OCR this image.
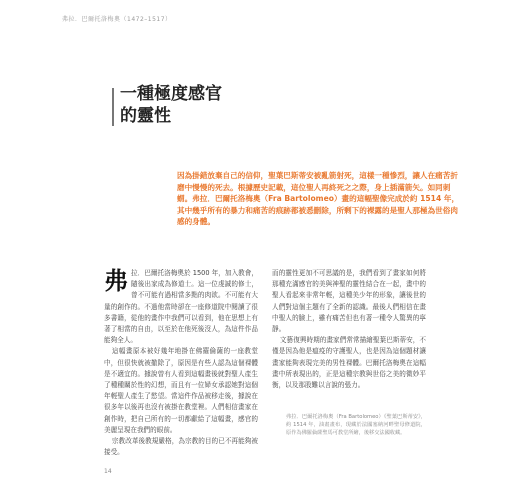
弗拉．巴爾托洛梅奧（1472–1517）
一種極度感官
的靈性
因為掛錯放棄自己的信仰，聖葉巴斯蒂安被亂箭射死，這樣一種慘烈，讓人在痛苦折磨中慢慢的死去。根據歷史記載，這位聖人再終死之之際，身上插滿箭矢。如同刺蝟。弗拉．巴爾托洛梅奧（Fra Bartolomeo）畫的這幅聖像完成於約 1514 年，其中幾乎所有的暴力和痛苦的痕跡都被悉刪除，所剩下的裸露的是聖人那極為世俗肉感的身體。
弗 拉．巴爾托洛梅奧於 1500 年，加入教會，隨後出家成為修道士。這一位虔誠的修士，曾不可能有過相當多點的肉欲。不可能有大量的創作的。不過他當時卻在一座修道院中閱讀了很多書籍，從他的畫作中我們可以看到，他在思想上有著了相當的自由，以至於在他死後沒人，為這件作品能夠全人。

這幅畫原本被好幾年地掛在佛羅倫薩的一座教堂中，但很快就被撤除了，原因是有些人認為這個裸體是不適宜的。據說曾有人看到這幅畫後就對聖人產生了種種關於性的幻想，而且有一位婦女承認她對這個年輕聖人產生了慾望。當這件作品被移走後，據說在很多年以後再也沒有被掛在教堂裡。人們相信畫家在創作時，把自己所有的一切都獻給了這幅畫，感官的美麗呈現在我們的眼前。

宗教改革後教規嚴格，為宗教的目的已不再能夠被接受。

而的靈性更加不可思議的是，我們看到了畫家如何將那種充滿感官的美與神聖的靈性結合在一起，畫中的聖人看起來非常年輕，這種美少年的形象，讓後世的人們對這個主題有了全新的認識。最後人們相信在畫中聖人的臉上，雖有痛苦但也有著一種令人驚異的寧靜。

文藝復興時期的畫家們常常描繪聖葉巴斯蒂安，不僅是因為他是瘟疫的守護聖人，也是因為這個題材讓畫家能夠表現完美的男性裸體。巴爾托洛梅奧在這幅畫中所表現出的，正是這種宗教與世俗之美的微妙平衡，以及那股難以言說的張力。

弗拉．巴爾托洛梅奧（Fra Bartolomeo）《聖葉巴斯蒂安》，約 1514 年，油畫畫布，現藏於法國塞納河畔聖母修道院，原作為佛羅倫薩聖馬可教堂所繪，後移交法國收藏。
14
